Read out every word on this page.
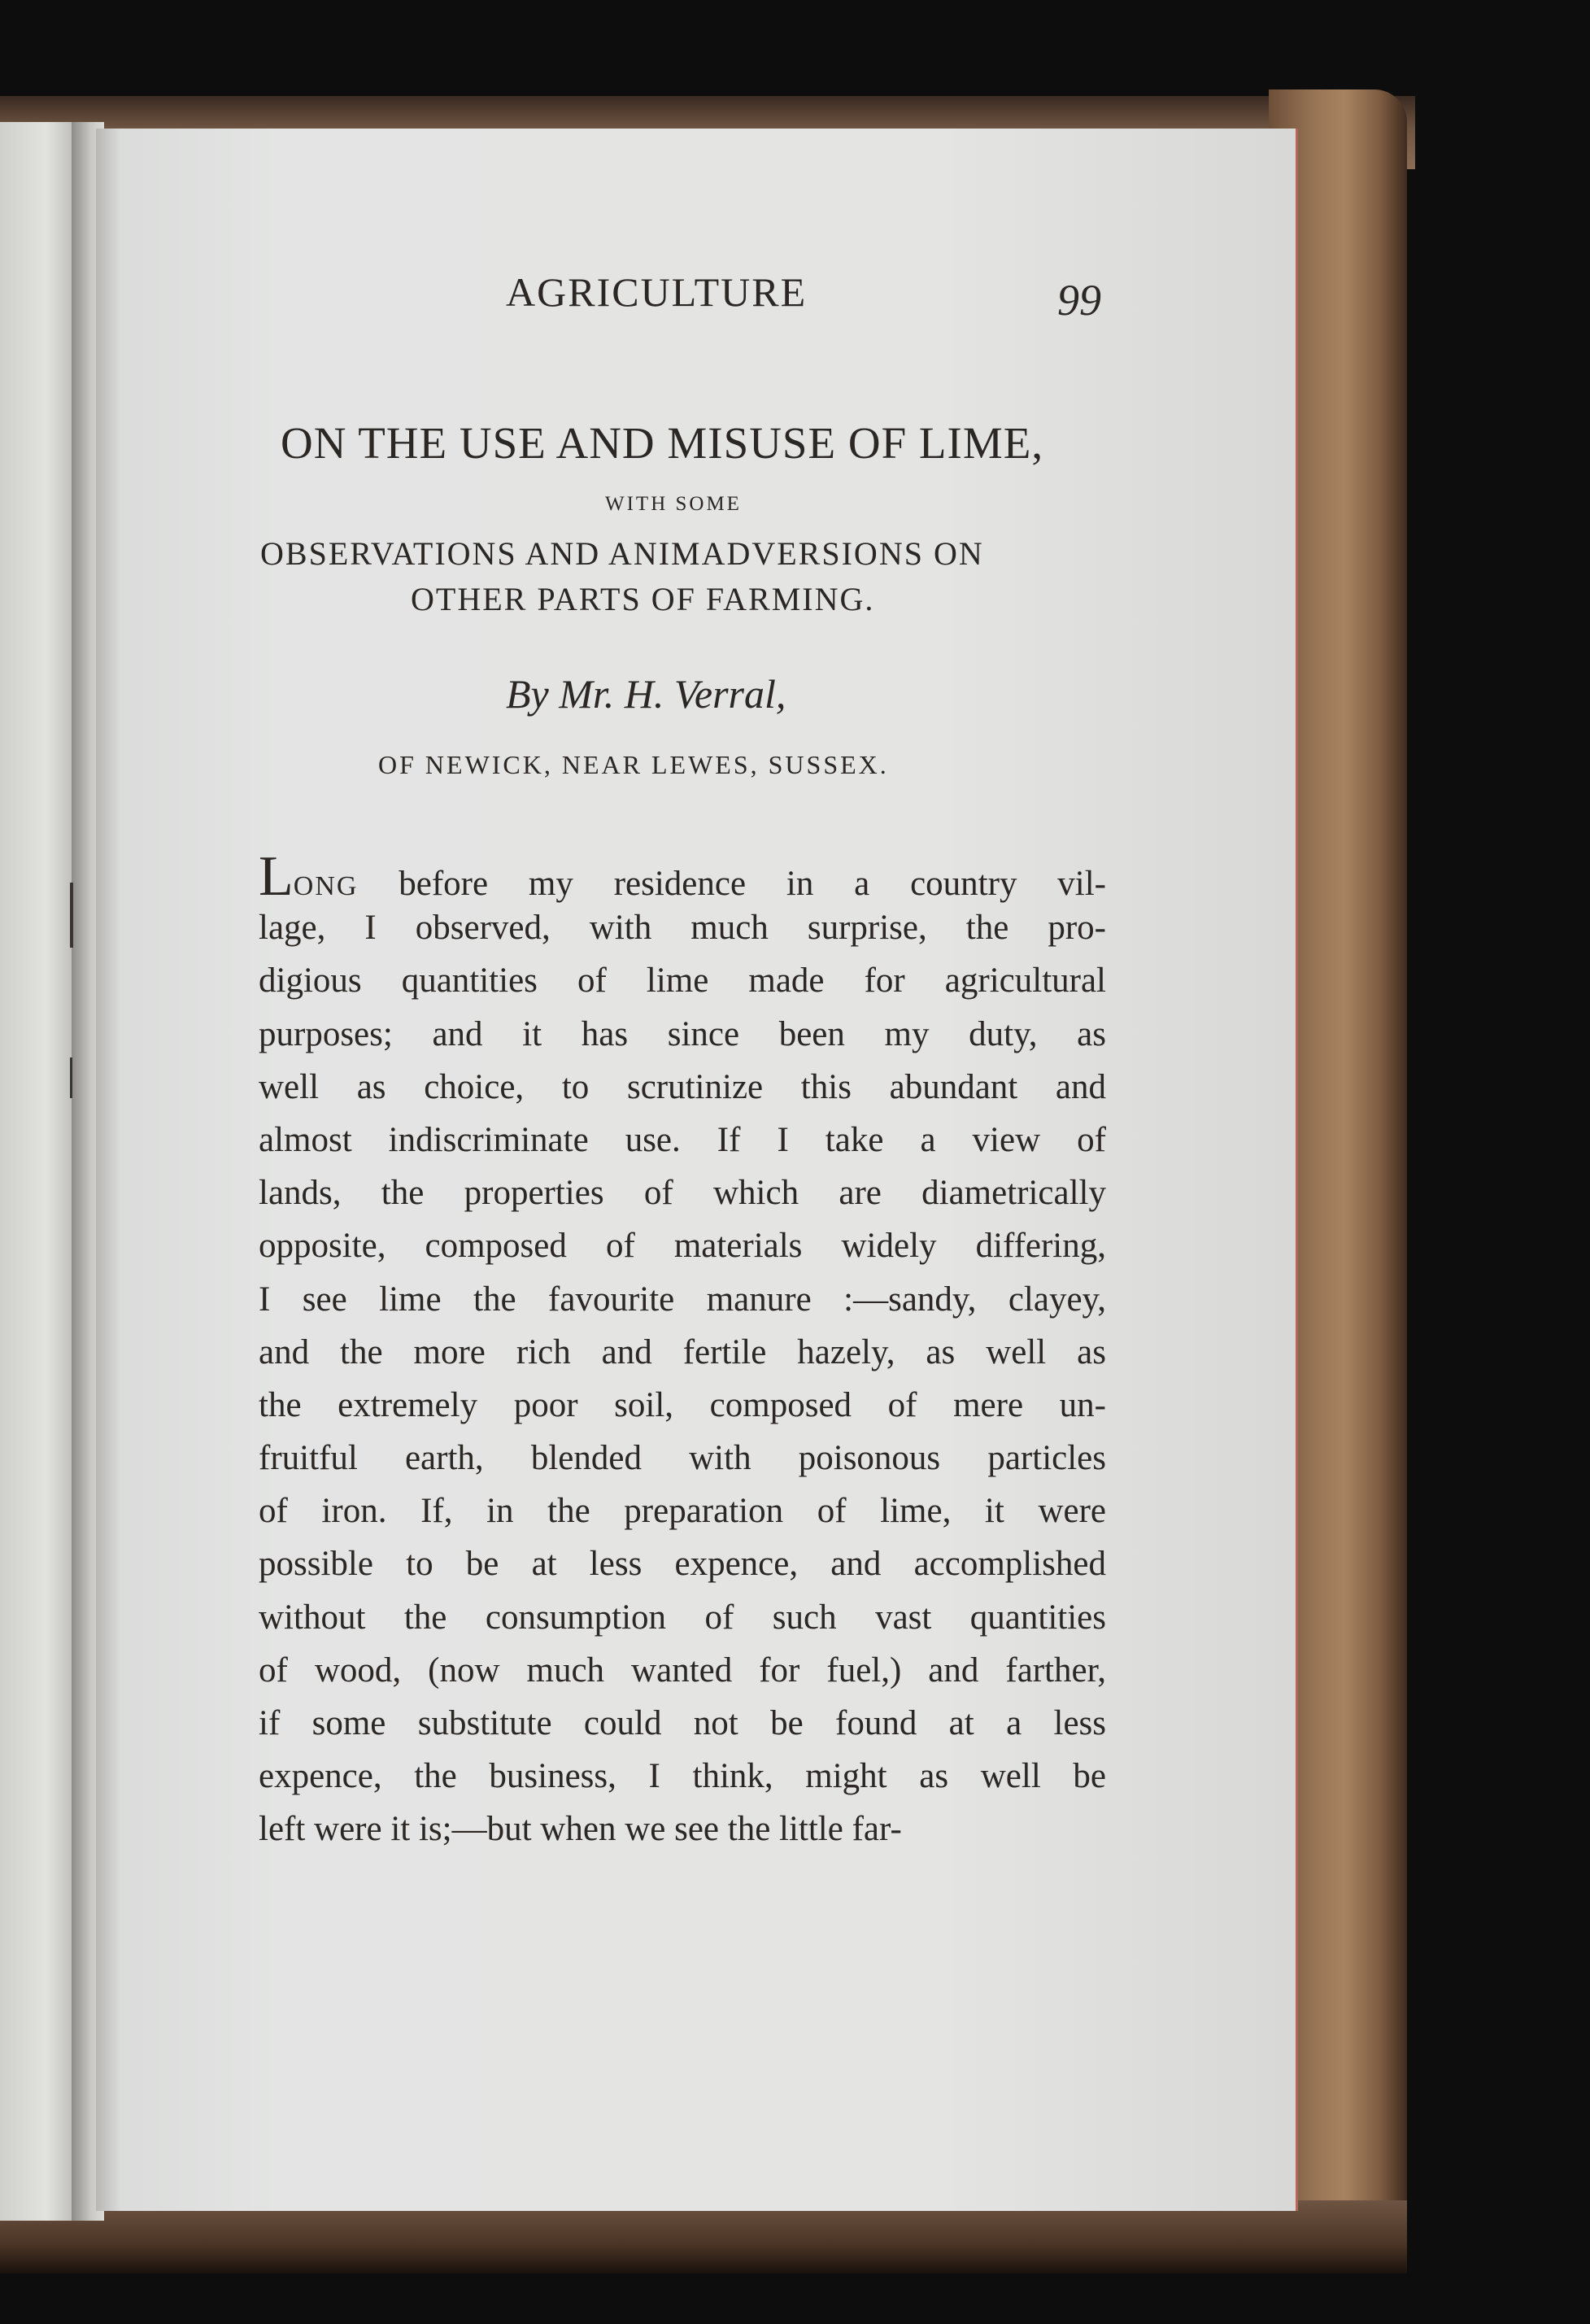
AGRICULTURE	99
ON THE USE AND MISUSE OF LIME,
WITH SOME
OBSERVATIONS AND ANIMADVERSIONS ON
OTHER PARTS OF FARMING.
By Mr. H. Verral,
OF NEWICK, NEAR LEWES, SUSSEX.
LONG before my residence in a country vil-
lage, I observed, with much surprise, the pro-
digious quantities of lime made for agricultural
purposes; and it has since been my duty, as
well as choice, to scrutinize this abundant and
almost indiscriminate use. If I take a view of
lands, the properties of which are diametrically
opposite, composed of materials widely differing,
I see lime the favourite manure :—sandy, clayey,
and the more rich and fertile hazely, as well as
the extremely poor soil, composed of mere un-
fruitful earth, blended with poisonous particles
of iron. If, in the preparation of lime, it were
possible to be at less expence, and accomplished
without the consumption of such vast quantities
of wood, (now much wanted for fuel,) and farther,
if some substitute could not be found at a less
expence, the business, I think, might as well be
left were it is;—but when we see the little far-
